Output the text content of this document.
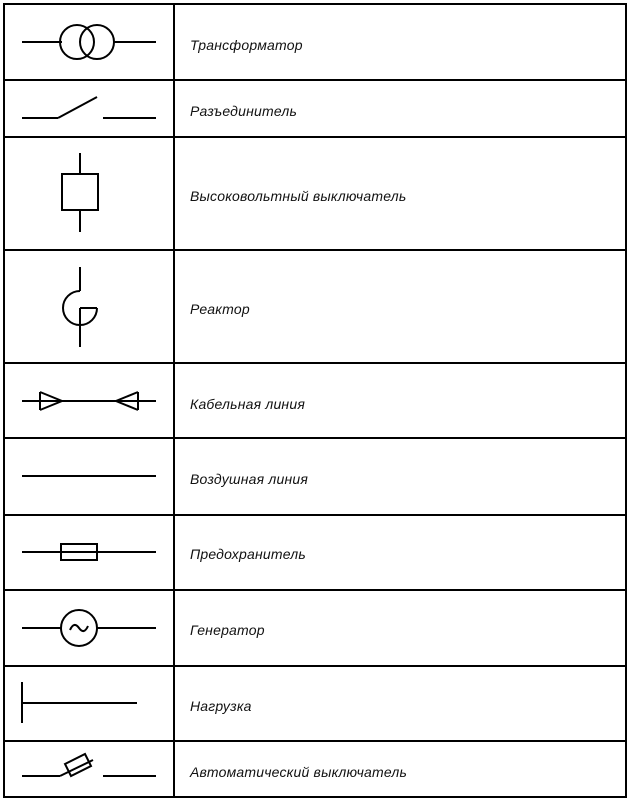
Трансформатор
Разъединитель
Высоковольтный выключатель
Реактор
Кабельная линия
Воздушная линия
Предохранитель
Генератор
Нагрузка
Автоматический выключатель
